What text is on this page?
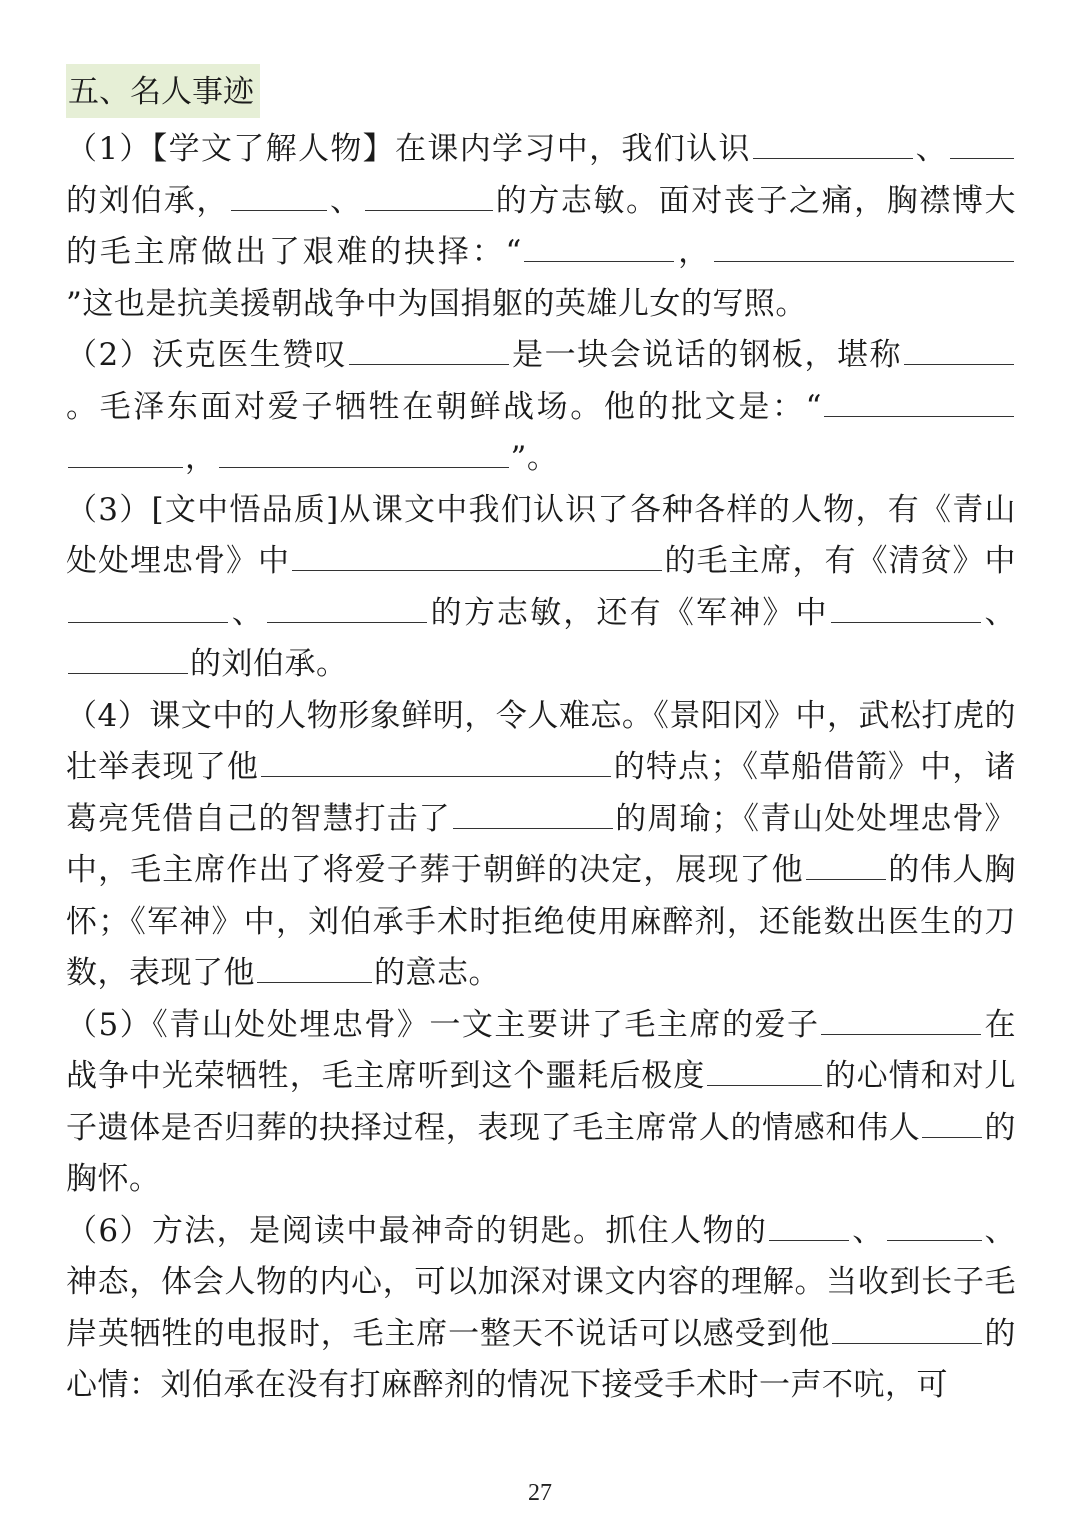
五、名人事迹

（1）【学文了解人物】在课内学习中，我们认识	、的刘伯承，	、	的方志敏。面对丧子之痛，胸襟博大的毛主席做出了艰难的抉择：“	，”这也是抗美援朝战争中为国捐躯的英雄儿女的写照。

（2）沃克医生赞叹	是一块会说话的钢板，堪称。毛泽东面对爱子牺牲在朝鲜战场。他的批文是：“，	”。

（3）[文中悟品质]从课文中我们认识了各种各样的人物，有《青山处处埋忠骨》中	的毛主席，有《清贫》中、	的方志敏，还有《军神》中	、的刘伯承。

（4）课文中的人物形象鲜明，令人难忘。《景阳冈》中，武松打虎的壮举表现了他	的特点；《草船借箭》中，诸葛亮凭借自己的智慧打击了	的周瑜；《青山处处埋忠骨》中，毛主席作出了将爱子葬于朝鲜的决定，展现了他	的伟人胸怀；《军神》中，刘伯承手术时拒绝使用麻醉剂，还能数出医生的刀数，表现了他	的意志。

（5）《青山处处埋忠骨》一文主要讲了毛主席的爱子	在战争中光荣牺牲，毛主席听到这个噩耗后极度	的心情和对儿子遗体是否归葬的抉择过程，表现了毛主席常人的情感和伟人 的胸怀。

（6）方法，是阅读中最神奇的钥匙。抓住人物的	、	、神态，体会人物的内心，可以加深对课文内容的理解。当收到长子毛岸英牺牲的电报时，毛主席一整天不说话可以感受到他	的心情：刘伯承在没有打麻醉剂的情况下接受手术时一声不吭，可

27
